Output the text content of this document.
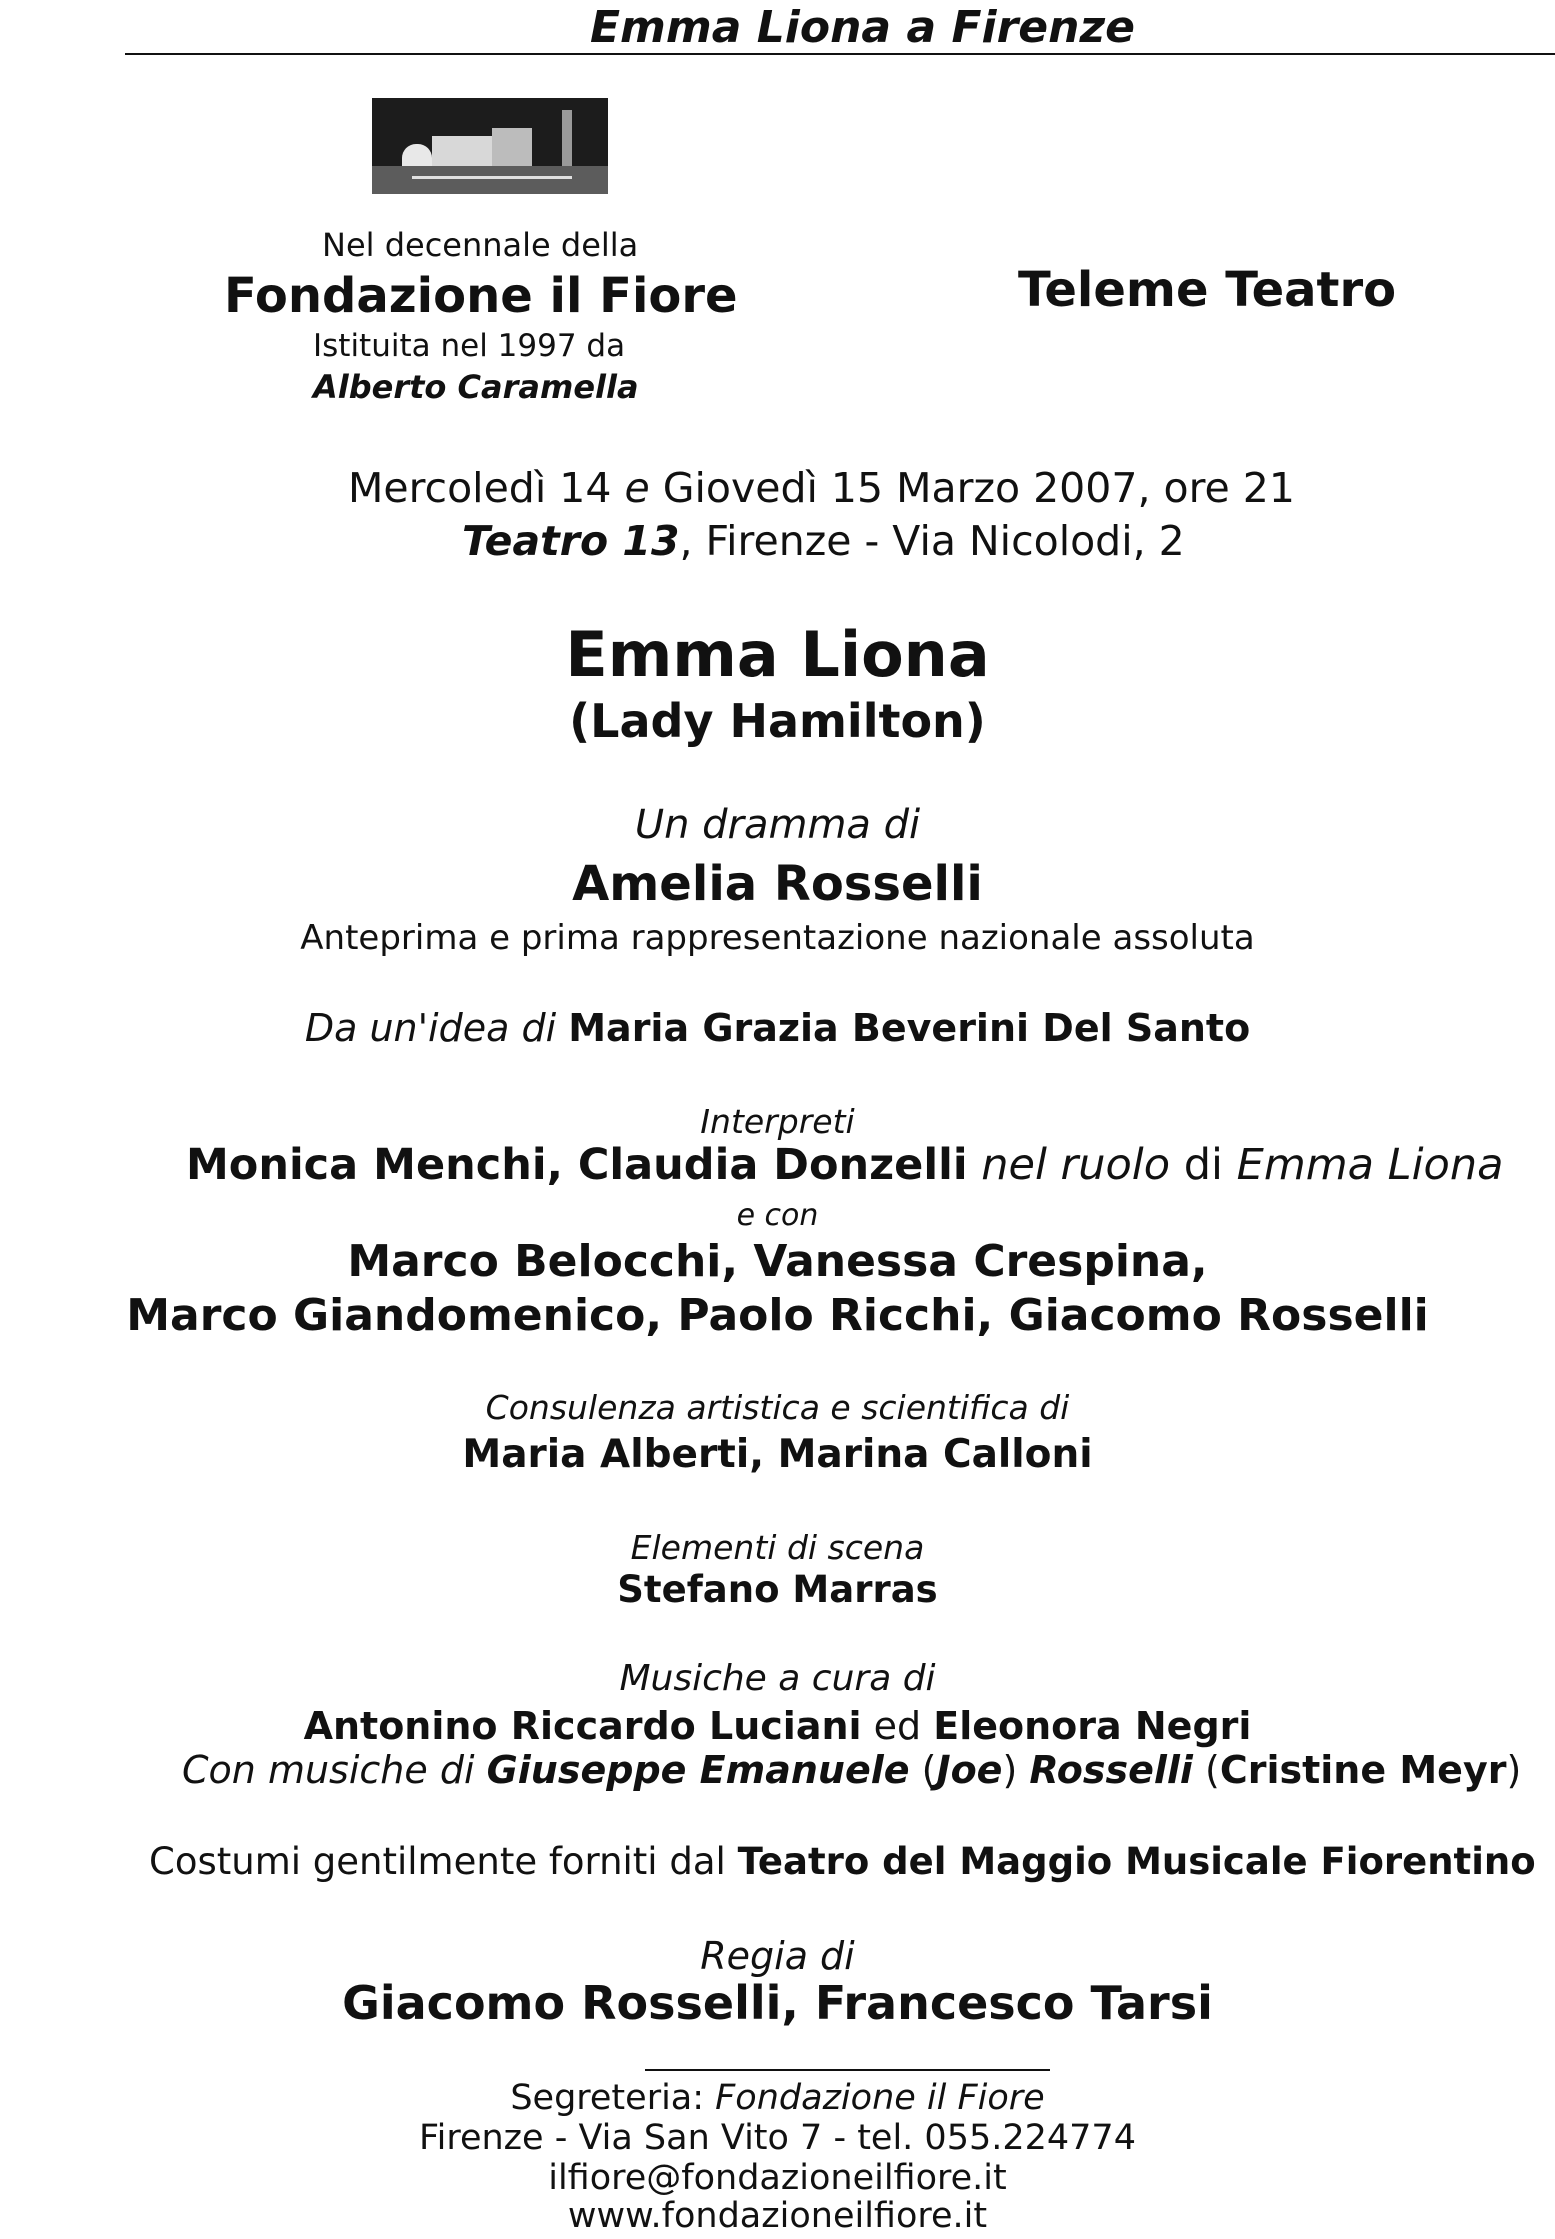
Emma Liona a Firenze
Nel decennale della
Fondazione il Fiore
Istituita nel 1997 da
Alberto Caramella
Teleme Teatro
Mercoledì 14 e Giovedì 15 Marzo 2007, ore 21
Teatro 13, Firenze - Via Nicolodi, 2
Emma Liona
(Lady Hamilton)
Un dramma di
Amelia Rosselli
Anteprima e prima rappresentazione nazionale assoluta
Da un'idea di Maria Grazia Beverini Del Santo
Interpreti
Monica Menchi, Claudia Donzelli nel ruolo di Emma Liona
e con
Marco Belocchi, Vanessa Crespina,
Marco Giandomenico, Paolo Ricchi, Giacomo Rosselli
Consulenza artistica e scientifica di
Maria Alberti, Marina Calloni
Elementi di scena
Stefano Marras
Musiche a cura di
Antonino Riccardo Luciani ed Eleonora Negri
Con musiche di Giuseppe Emanuele (Joe) Rosselli (Cristine Meyr)
Costumi gentilmente forniti dal Teatro del Maggio Musicale Fiorentino
Regia di
Giacomo Rosselli, Francesco Tarsi
Segreteria: Fondazione il Fiore
Firenze - Via San Vito 7 - tel. 055.224774
ilfiore@fondazioneilfiore.it
www.fondazioneilfiore.it
